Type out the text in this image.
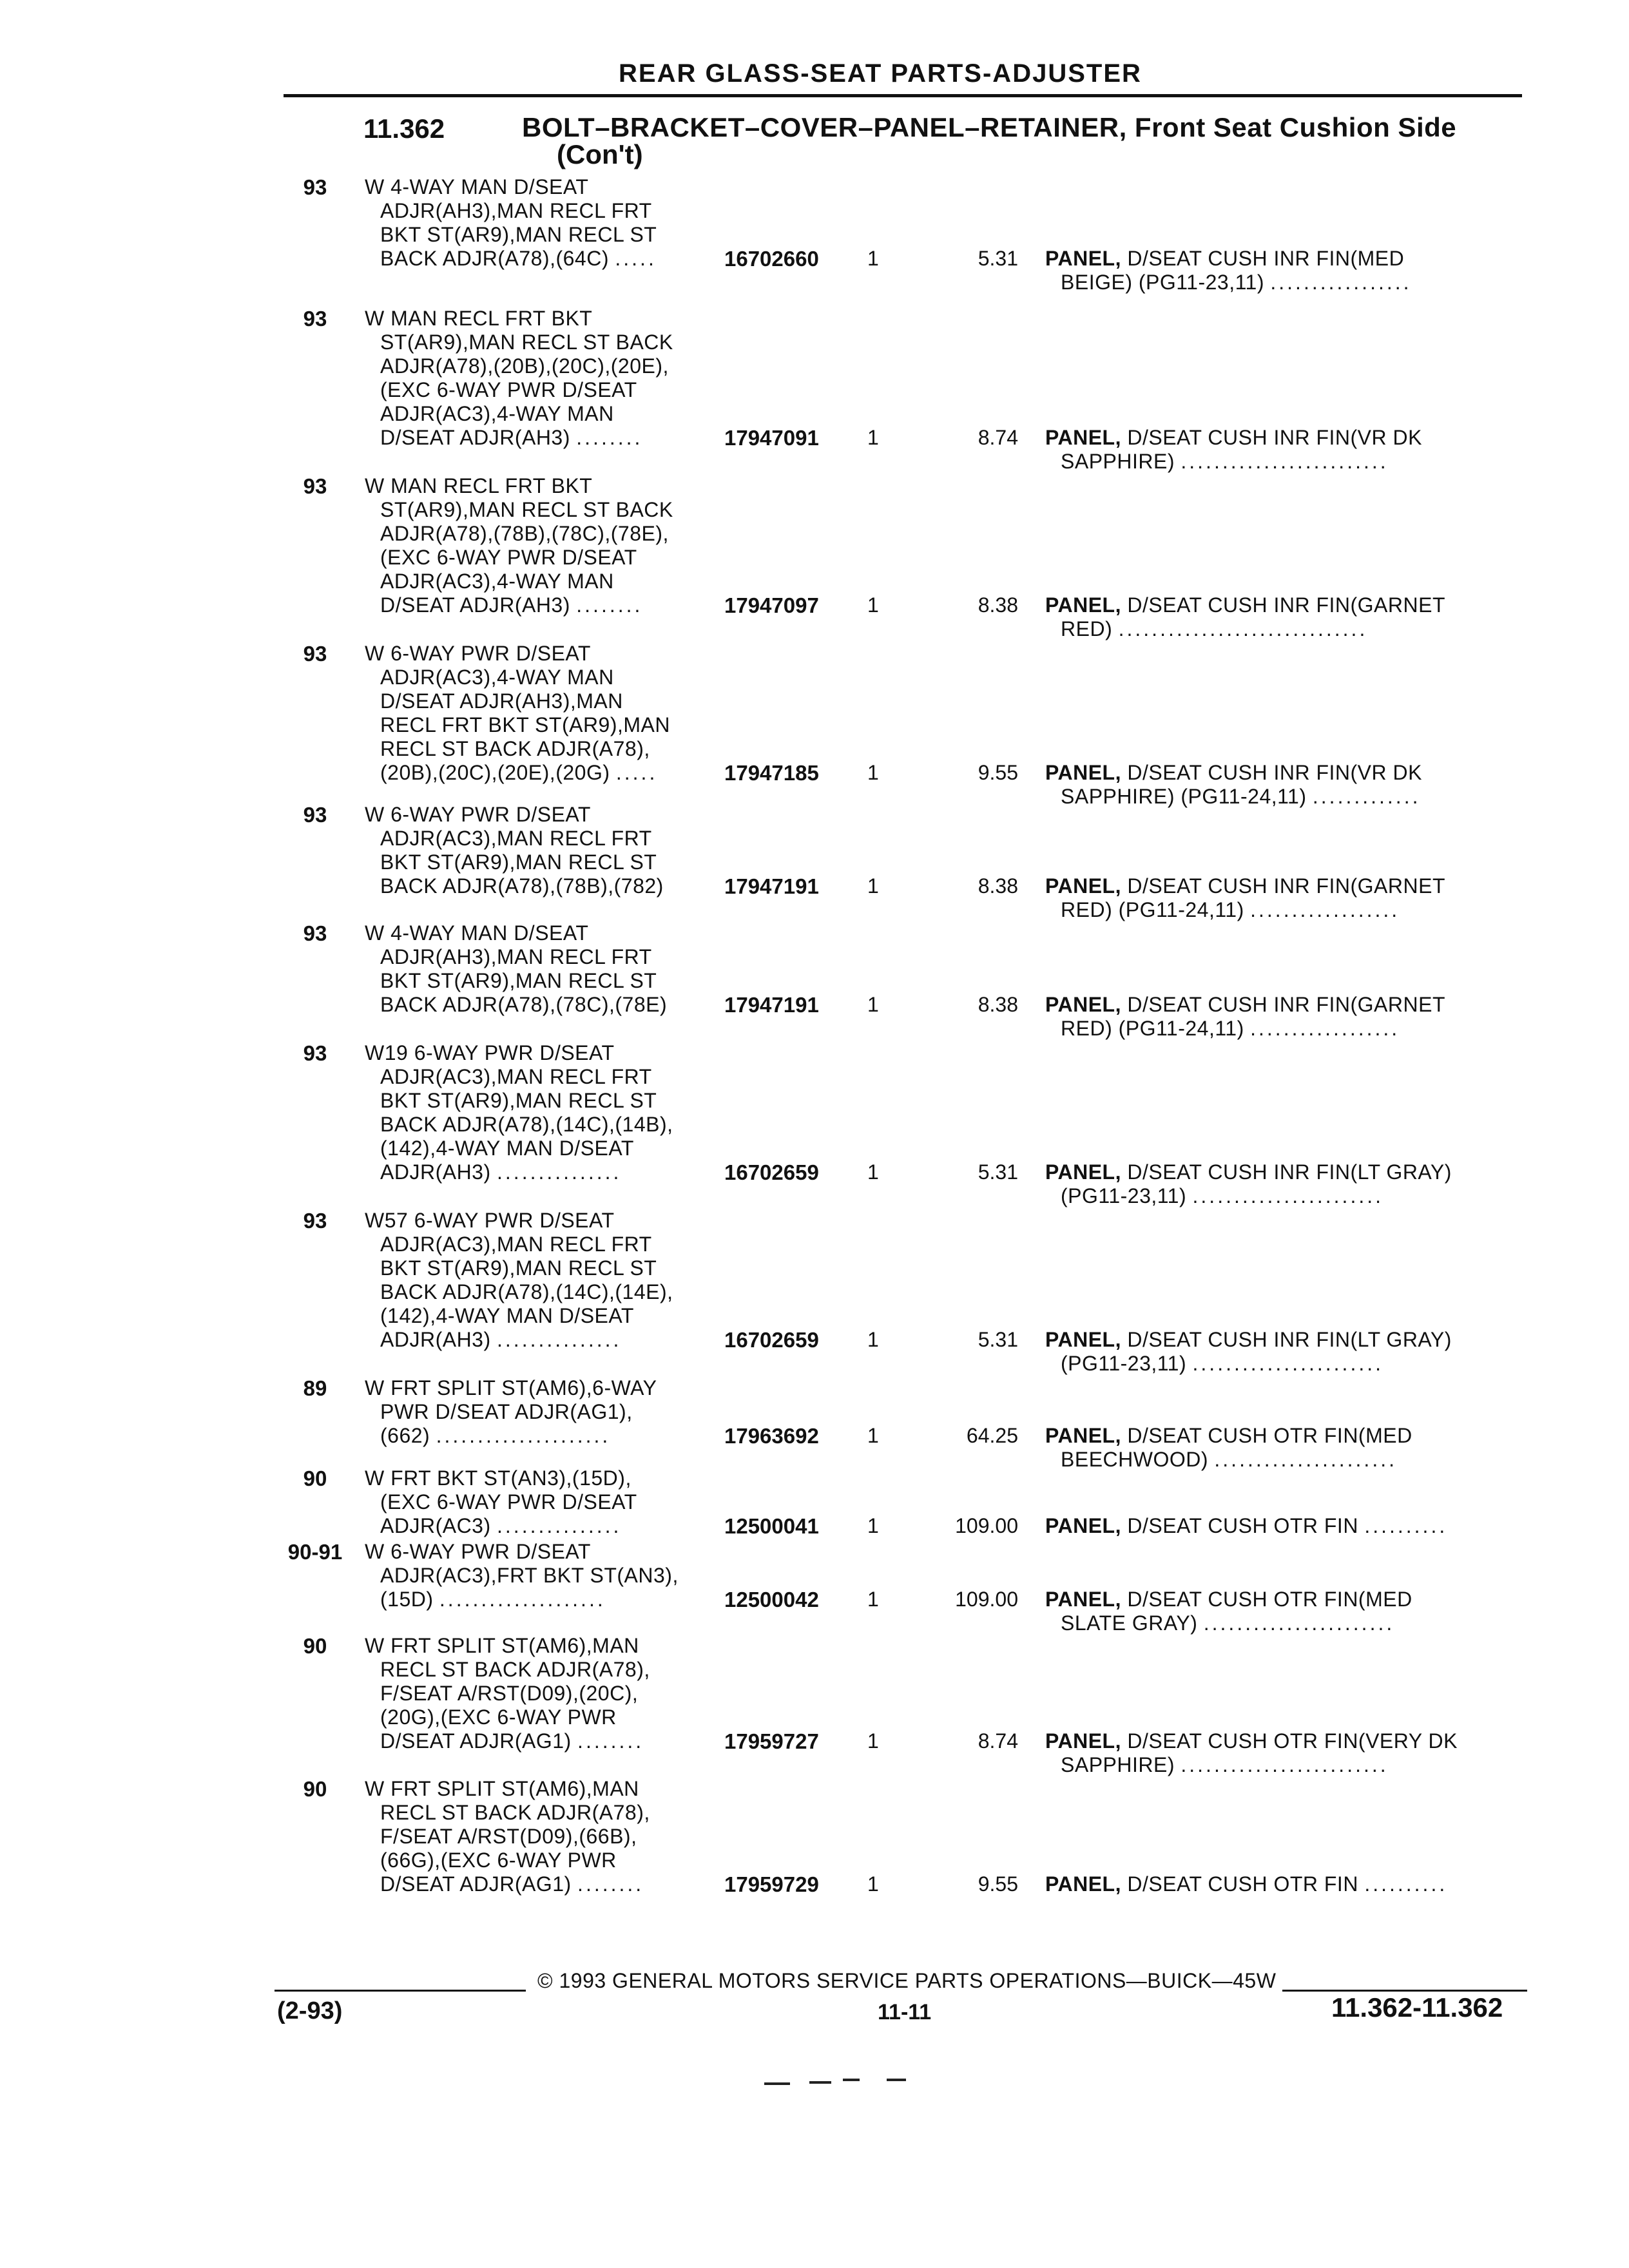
REAR GLASS-SEAT PARTS-ADJUSTER
11.362	BOLT–BRACKET–COVER–PANEL–RETAINER, Front Seat Cushion Side
(Con't)
93	W 4-WAY MAN D/SEAT
ADJR(AH3),MAN RECL FRT
BKT ST(AR9),MAN RECL ST
BACK ADJR(A78),(64C) .....	16702660 1	5.31 PANEL, D/SEAT CUSH INR FIN(MED
BEIGE) (PG11-23,11) .................
93	W MAN RECL FRT BKT
ST(AR9),MAN RECL ST BACK
ADJR(A78),(20B),(20C),(20E),
(EXC 6-WAY PWR D/SEAT
ADJR(AC3),4-WAY MAN
D/SEAT ADJR(AH3) ........	17947091 1	8.74 PANEL, D/SEAT CUSH INR FIN(VR DK
SAPPHIRE) .........................
93	W MAN RECL FRT BKT
ST(AR9),MAN RECL ST BACK
ADJR(A78),(78B),(78C),(78E),
(EXC 6-WAY PWR D/SEAT
ADJR(AC3),4-WAY MAN
D/SEAT ADJR(AH3) ........	17947097 1	8.38 PANEL, D/SEAT CUSH INR FIN(GARNET
RED) ..............................
93	W 6-WAY PWR D/SEAT
ADJR(AC3),4-WAY MAN
D/SEAT ADJR(AH3),MAN
RECL FRT BKT ST(AR9),MAN
RECL ST BACK ADJR(A78),
(20B),(20C),(20E),(20G) .....	17947185 1	9.55 PANEL, D/SEAT CUSH INR FIN(VR DK
SAPPHIRE) (PG11-24,11) .............
93	W 6-WAY PWR D/SEAT
ADJR(AC3),MAN RECL FRT
BKT ST(AR9),MAN RECL ST
BACK ADJR(A78),(78B),(782)	17947191 1	8.38 PANEL, D/SEAT CUSH INR FIN(GARNET
RED) (PG11-24,11) ..................
93	W 4-WAY MAN D/SEAT
ADJR(AH3),MAN RECL FRT
BKT ST(AR9),MAN RECL ST
BACK ADJR(A78),(78C),(78E)	17947191 1	8.38 PANEL, D/SEAT CUSH INR FIN(GARNET
RED) (PG11-24,11) ..................
93	W19 6-WAY PWR D/SEAT
ADJR(AC3),MAN RECL FRT
BKT ST(AR9),MAN RECL ST
BACK ADJR(A78),(14C),(14B),
(142),4-WAY MAN D/SEAT
ADJR(AH3) ...............	16702659 1	5.31 PANEL, D/SEAT CUSH INR FIN(LT GRAY)
(PG11-23,11) .......................
93	W57 6-WAY PWR D/SEAT
ADJR(AC3),MAN RECL FRT
BKT ST(AR9),MAN RECL ST
BACK ADJR(A78),(14C),(14E),
(142),4-WAY MAN D/SEAT
ADJR(AH3) ...............	16702659 1	5.31 PANEL, D/SEAT CUSH INR FIN(LT GRAY)
(PG11-23,11) .......................
89	W FRT SPLIT ST(AM6),6-WAY
PWR D/SEAT ADJR(AG1),
(662) .....................	17963692 1	64.25 PANEL, D/SEAT CUSH OTR FIN(MED
BEECHWOOD) ......................
90	W FRT BKT ST(AN3),(15D),
(EXC 6-WAY PWR D/SEAT
ADJR(AC3) ...............	12500041 1	109.00 PANEL, D/SEAT CUSH OTR FIN ..........
90-91 W 6-WAY PWR D/SEAT
ADJR(AC3),FRT BKT ST(AN3),
(15D) ....................	12500042 1	109.00 PANEL, D/SEAT CUSH OTR FIN(MED
SLATE GRAY) .......................
90	W FRT SPLIT ST(AM6),MAN
RECL ST BACK ADJR(A78),
F/SEAT A/RST(D09),(20C),
(20G),(EXC 6-WAY PWR
D/SEAT ADJR(AG1) ........	17959727 1	8.74 PANEL, D/SEAT CUSH OTR FIN(VERY DK
SAPPHIRE) .........................
90	W FRT SPLIT ST(AM6),MAN
RECL ST BACK ADJR(A78),
F/SEAT A/RST(D09),(66B),
(66G),(EXC 6-WAY PWR
D/SEAT ADJR(AG1) ........	17959729 1	9.55 PANEL, D/SEAT CUSH OTR FIN ..........
© 1993 GENERAL MOTORS SERVICE PARTS OPERATIONS—BUICK—45W
(2-93)	11-11	11.362-11.362
